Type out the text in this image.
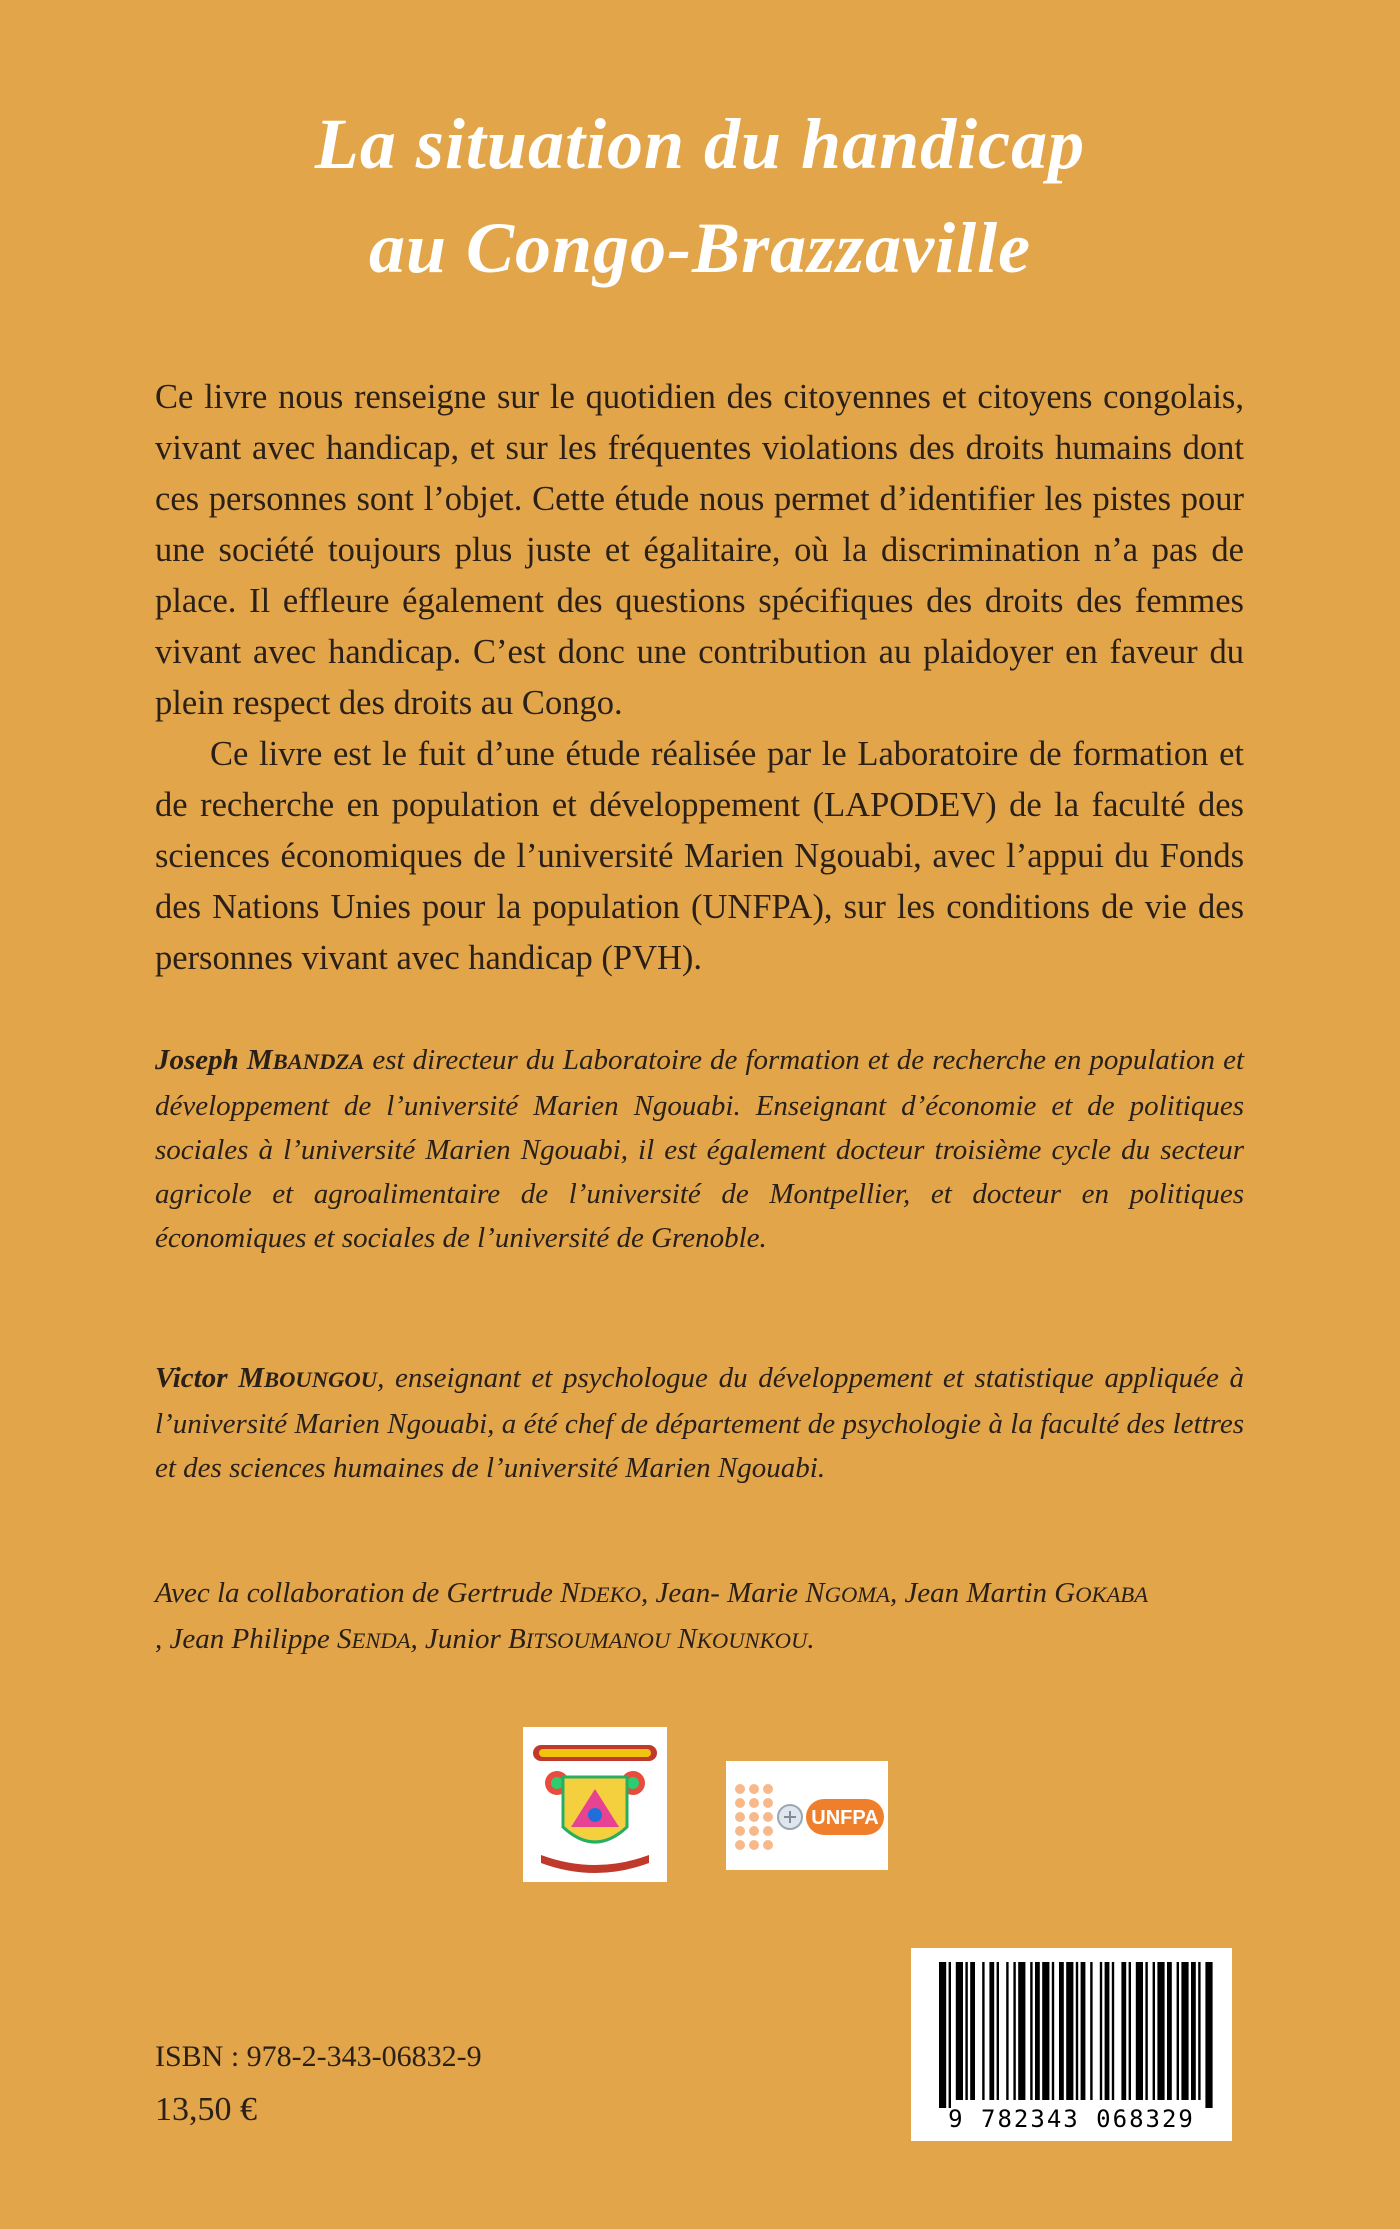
La situation du handicap
au Congo-Brazzaville

Ce livre nous renseigne sur le quotidien des citoyennes et citoyens congolais, vivant avec handicap, et sur les fréquentes violations des droits humains dont ces personnes sont l’objet. Cette étude nous permet d’identifier les pistes pour une société toujours plus juste et égalitaire, où la discrimination n’a pas de place. Il effleure également des questions spécifiques des droits des femmes vivant avec handicap. C’est donc une contribution au plaidoyer en faveur du plein respect des droits au Congo.

Ce livre est le fuit d’une étude réalisée par le Laboratoire de formation et de recherche en population et développement (LAPODEV) de la faculté des sciences économiques de l’université Marien Ngouabi, avec l’appui du Fonds des Nations Unies pour la population (UNFPA), sur les conditions de vie des personnes vivant avec handicap (PVH).

Joseph MBANDZA est directeur du Laboratoire de formation et de recherche en population et développement de l’université Marien Ngouabi. Enseignant d’économie et de politiques sociales à l’université Marien Ngouabi, il est également docteur troisième cycle du secteur agricole et agroalimentaire de l’université de Montpellier, et docteur en politiques économiques et sociales de l’université de Grenoble.

Victor MBOUNGOU, enseignant et psychologue du développement et statistique appliquée à l’université Marien Ngouabi, a été chef de département de psychologie à la faculté des lettres et des sciences humaines de l’université Marien Ngouabi.

Avec la collaboration de Gertrude NDEKO, Jean- Marie NGOMA, Jean Martin GOKABA
, Jean Philippe SENDA, Junior BITSOUMANOU NKOUNKOU.
UNFPA
ISBN : 978-2-343-06832-9
13,50 €	9 782343 068329
